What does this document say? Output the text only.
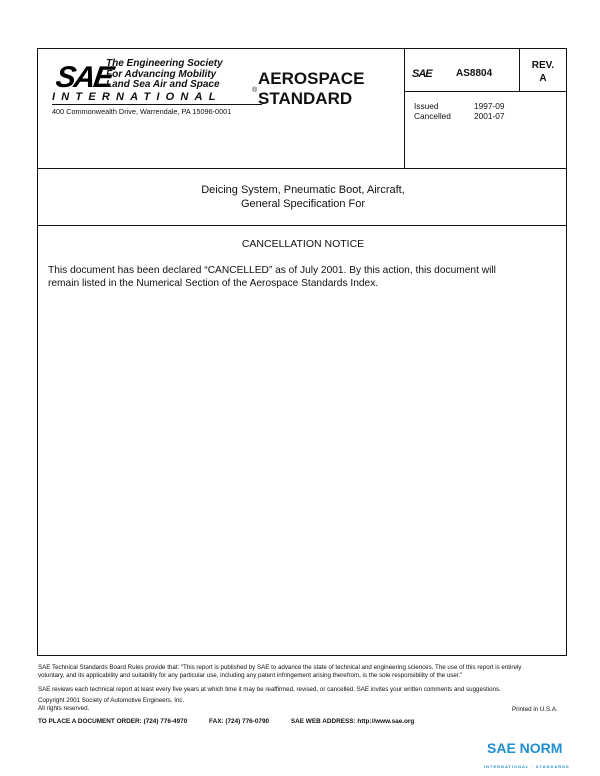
SAE
The Engineering Society
For Advancing Mobility
Land Sea Air and Space
INTERNATIONAL
®
400 Commonwealth Drive, Warrendale, PA 15096-0001
AEROSPACE
STANDARD
SAE AS8804
REV.
A
Issued	1997-09
Cancelled	2001-07
Deicing System, Pneumatic Boot, Aircraft,
General Specification For
CANCELLATION NOTICE
This document has been declared “CANCELLED” as of July 2001. By this action, this document will
remain listed in the Numerical Section of the Aerospace Standards Index.
SAE Technical Standards Board Rules provide that: “This report is published by SAE to advance the state of technical and engineering sciences. The use of this report is entirely
voluntary, and its applicability and suitability for any particular use, including any patent infringement arising therefrom, is the sole responsibility of the user.”
SAE reviews each technical report at least every five years at which time it may be reaffirmed, revised, or cancelled. SAE invites your written comments and suggestions.
Copyright 2001 Society of Automotive Engineers, Inc.
All rights reserved.	Printed in U.S.A.
TO PLACE A DOCUMENT ORDER: (724) 776-4970	FAX: (724) 776-0790	SAE WEB ADDRESS: http://www.sae.org
SAE NORM
INTERNATIONAL · STANDARDS
